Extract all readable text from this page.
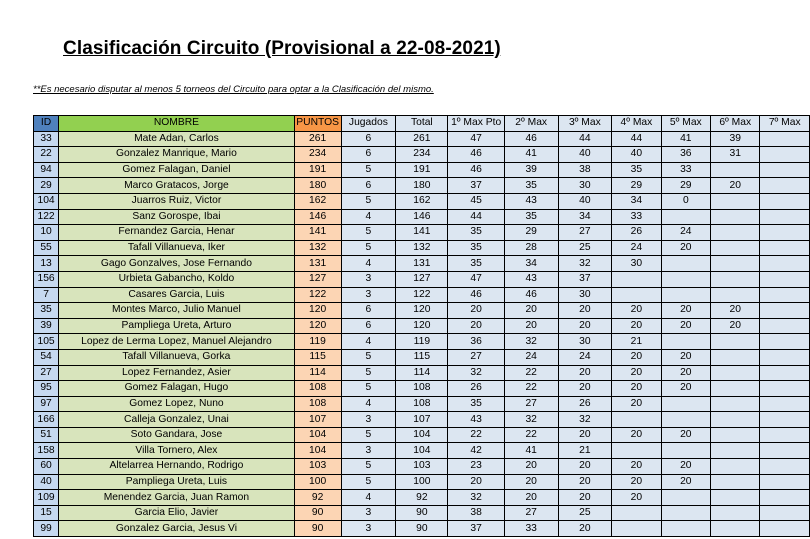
Clasificación Circuito (Provisional a 22-08-2021)
**Es necesario disputar al menos 5 torneos del Circuito para optar a la Clasificación del mismo.
ID	NOMBRE	PUNTOS	Jugados	Total	1º Max Pto	2º Max	3º Max	4º Max	5º Max	6º Max	7º Max
33	Mate Adan, Carlos	261	6	261	47	46	44	44	41	39	
22	Gonzalez Manrique, Mario	234	6	234	46	41	40	40	36	31	
94	Gomez Falagan, Daniel	191	5	191	46	39	38	35	33		
29	Marco Gratacos, Jorge	180	6	180	37	35	30	29	29	20	
104	Juarros Ruiz, Victor	162	5	162	45	43	40	34	0		
122	Sanz Gorospe, Ibai	146	4	146	44	35	34	33			
10	Fernandez Garcia, Henar	141	5	141	35	29	27	26	24		
55	Tafall Villanueva, Iker	132	5	132	35	28	25	24	20		
13	Gago Gonzalves, Jose Fernando	131	4	131	35	34	32	30			
156	Urbieta Gabancho, Koldo	127	3	127	47	43	37				
7	Casares Garcia, Luis	122	3	122	46	46	30				
35	Montes Marco, Julio Manuel	120	6	120	20	20	20	20	20	20	
39	Pampliega Ureta, Arturo	120	6	120	20	20	20	20	20	20	
105	Lopez de Lerma Lopez, Manuel Alejandro	119	4	119	36	32	30	21			
54	Tafall Villanueva, Gorka	115	5	115	27	24	24	20	20		
27	Lopez Fernandez, Asier	114	5	114	32	22	20	20	20		
95	Gomez Falagan, Hugo	108	5	108	26	22	20	20	20		
97	Gomez Lopez, Nuno	108	4	108	35	27	26	20			
166	Calleja Gonzalez, Unai	107	3	107	43	32	32				
51	Soto Gandara, Jose	104	5	104	22	22	20	20	20		
158	Villa Tornero, Alex	104	3	104	42	41	21				
60	Altelarrea Hernando, Rodrigo	103	5	103	23	20	20	20	20		
40	Pampliega Ureta, Luis	100	5	100	20	20	20	20	20		
109	Menendez Garcia, Juan Ramon	92	4	92	32	20	20	20			
15	Garcia Elio, Javier	90	3	90	38	27	25				
99	Gonzalez Garcia, Jesus Vi	90	3	90	37	33	20				
